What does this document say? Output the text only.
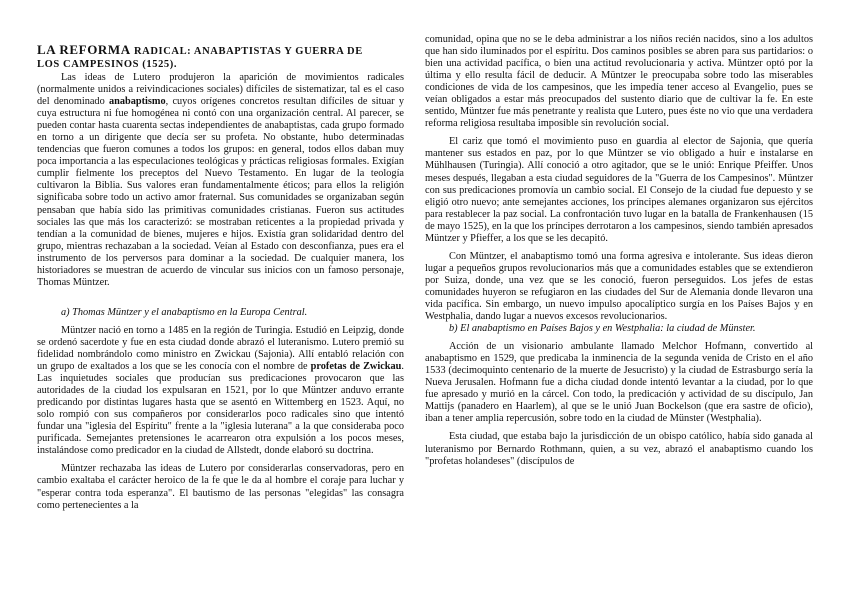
LA REFORMA RADICAL: ANABAPTISTAS Y GUERRA DE
LOS CAMPESINOS (1525).

Las ideas de Lutero produjeron la aparición de movimientos radicales (normalmente unidos a reivindicaciones sociales) difíciles de sistematizar, tal es el caso del denominado anabaptismo, cuyos orígenes concretos resultan difíciles de situar y cuya estructura ni fue homogénea ni contó con una organización central. Al parecer, se pueden contar hasta cuarenta sectas independientes de anabaptistas, cada grupo formado en torno a un dirigente que decía ser su profeta. No obstante, hubo determinadas tendencias que fueron comunes a todos los grupos: en general, todos ellos daban muy poca importancia a las especulaciones teológicas y prácticas religiosas formales. Exigían cumplir fielmente los preceptos del Nuevo Testamento. En lugar de la teología cultivaron la Biblia. Sus valores eran fundamentalmente éticos; para ellos la religión significaba sobre todo un activo amor fraternal. Sus comunidades se organizaban según pensaban que había sido las primitivas comunidades cristianas. Fueron sus actitudes sociales las que más los caracterizó: se mostraban reticentes a la propiedad privada y tendían a la comunidad de bienes, mujeres e hijos. Existía gran solidaridad dentro del grupo, mientras rechazaban a la sociedad. Veían al Estado con desconfianza, pues era el instrumento de los perversos para dominar a la sociedad. De cualquier manera, los historiadores se muestran de acuerdo de vincular sus inicios con un famoso personaje, Thomas Müntzer.

a) Thomas Müntzer y el anabaptismo en la Europa Central.

Müntzer nació en torno a 1485 en la región de Turingia. Estudió en Leipzig, donde se ordenó sacerdote y fue en esta ciudad donde abrazó el luteranismo. Lutero premió su fidelidad nombrándolo como ministro en Zwickau (Sajonia). Allí entabló relación con un grupo de exaltados a los que se les conocía con el nombre de profetas de Zwickau. Las inquietudes sociales que producían sus predicaciones provocaron que las autoridades de la ciudad los expulsaran en 1521, por lo que Müntzer anduvo errante predicando por distintas lugares hasta que se asentó en Wittemberg en 1523. Aquí, no solo rompió con sus compañeros por considerarlos poco radicales sino que intentó fundar una "iglesia del Espíritu" frente a la "iglesia luterana" a la que consideraba poco purificada. Semejantes pretensiones le acarrearon otra expulsión a los pocos meses, instalándose como predicador en la ciudad de Allstedt, donde elaboró su doctrina.

Müntzer rechazaba las ideas de Lutero por considerarlas conservadoras, pero en cambio exaltaba el carácter heroico de la fe que le da al hombre el coraje para luchar y "esperar contra toda esperanza". El bautismo de las personas "elegidas" las consagra como pertenecientes a la

comunidad, opina que no se le deba administrar a los niños recién nacidos, sino a los adultos que han sido iluminados por el espíritu. Dos caminos posibles se abren para sus partidarios: o bien una actividad pacífica, o bien una actitud revolucionaria y activa. Müntzer optó por la última y ello resulta fácil de deducir. A Müntzer le preocupaba sobre todo las miserables condiciones de vida de los campesinos, que les impedía tener acceso al Evangelio, pues se veían obligados a estar más preocupados del sustento diario que de cultivar la fe. En este sentido, Müntzer fue más penetrante y realista que Lutero, pues éste no vio que una verdadera reforma religiosa resultaba imposible sin revolución social.

El cariz que tomó el movimiento puso en guardia al elector de Sajonia, que quería mantener sus estados en paz, por lo que Müntzer se vio obligado a huir e instalarse en Mühlhausen (Turingia). Allí conoció a otro agitador, que se le unió: Enrique Pfeiffer. Unos meses después, llegaban a esta ciudad seguidores de la "Guerra de los Campesinos". Müntzer con sus predicaciones promovía un cambio social. El Consejo de la ciudad fue depuesto y se eligió otro nuevo; ante semejantes acciones, los príncipes alemanes organizaron sus ejércitos para restablecer la paz social. La confrontación tuvo lugar en la batalla de Frankenhausen (15 de mayo 1525), en la que los príncipes derrotaron a los campesinos, siendo también apresados Müntzer y Pfieffer, a los que se les decapitó.

Con Müntzer, el anabaptismo tomó una forma agresiva e intolerante. Sus ideas dieron lugar a pequeños grupos revolucionarios más que a comunidades estables que se extendieron por Suiza, donde, una vez que se les conoció, fueron perseguidos. Los jefes de estas comunidades huyeron se refugiaron en las ciudades del Sur de Alemania donde llevaron una vida pacífica. Sin embargo, un nuevo impulso apocalíptico surgía en los Países Bajos y en Westphalia, dando lugar a nuevos excesos revolucionarios.

b) El anabaptismo en Países Bajos y en Westphalia: la ciudad de Münster.

Acción de un visionario ambulante llamado Melchor Hofmann, convertido al anabaptismo en 1529, que predicaba la inminencia de la segunda venida de Cristo en el año 1533 (decimoquinto centenario de la muerte de Jesucristo) y la ciudad de Estrasburgo sería la Nueva Jerusalen. Hofmann fue a dicha ciudad donde intentó levantar a la ciudad, por lo que fue apresado y murió en la cárcel. Con todo, la predicación y actividad de su discípulo, Jan Mattijs (panadero en Haarlem), al que se le unió Juan Bockelson (que era sastre de oficio), iban a tener amplia repercusión, sobre todo en la ciudad de Münster (Westphalia).

Esta ciudad, que estaba bajo la jurisdicción de un obispo católico, había sido ganada al luteranismo por Bernardo Rothmann, quien, a su vez, abrazó el anabaptismo cuando los "profetas holandeses" (discípulos de
